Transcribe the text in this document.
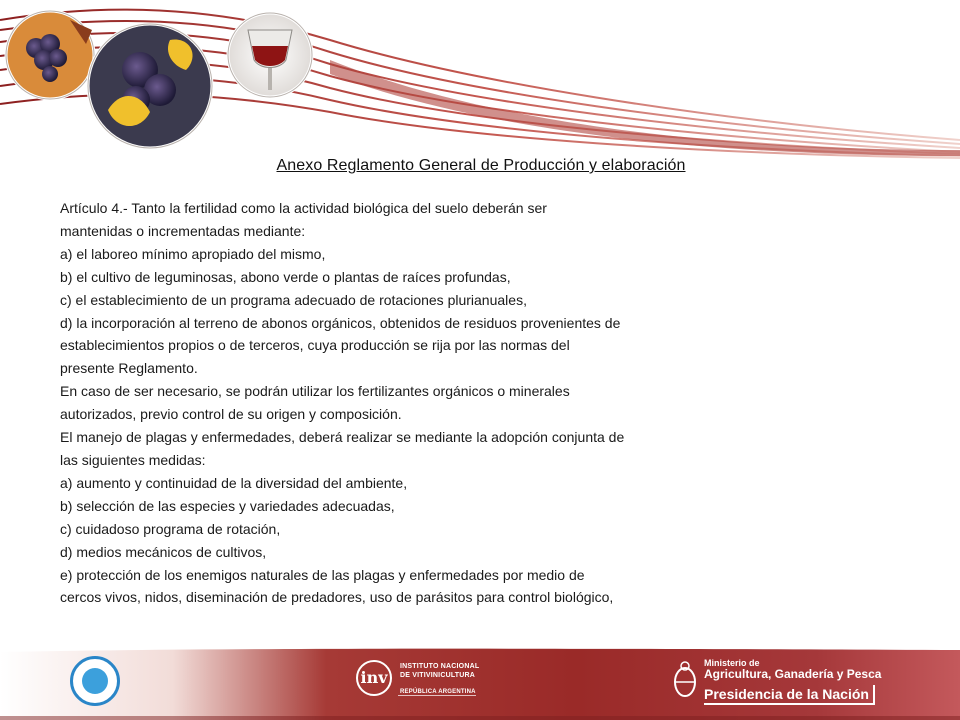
Anexo Reglamento General de Producción y elaboración
Artículo 4.- Tanto la fertilidad como la actividad biológica del suelo deberán ser
mantenidas o incrementadas mediante:
a) el laboreo mínimo apropiado del mismo,
b) el cultivo de leguminosas, abono verde o plantas de raíces profundas,
c) el establecimiento de un programa adecuado de rotaciones plurianuales,
d) la incorporación al terreno de abonos orgánicos, obtenidos de residuos provenientes de
establecimientos propios o de terceros, cuya producción se rija por las normas del
presente Reglamento.
En caso de ser necesario, se podrán utilizar los fertilizantes orgánicos o minerales
autorizados, previo control de su origen y composición.
El manejo de plagas y enfermedades, deberá realizar se mediante la adopción conjunta de
las siguientes medidas:
a) aumento y continuidad de la diversidad del ambiente,
b) selección de las especies y variedades adecuadas,
c) cuidadoso programa de rotación,
d) medios mecánicos de cultivos,
e) protección de los enemigos naturales de las plagas y enfermedades por medio de
cercos vivos, nidos, diseminación de predadores, uso de parásitos para control biológico,
inv
INSTITUTO NACIONAL
DE VITIVINICULTURA
REPÚBLICA ARGENTINA
Ministerio de
Agricultura, Ganadería y Pesca
Presidencia de la Nación
